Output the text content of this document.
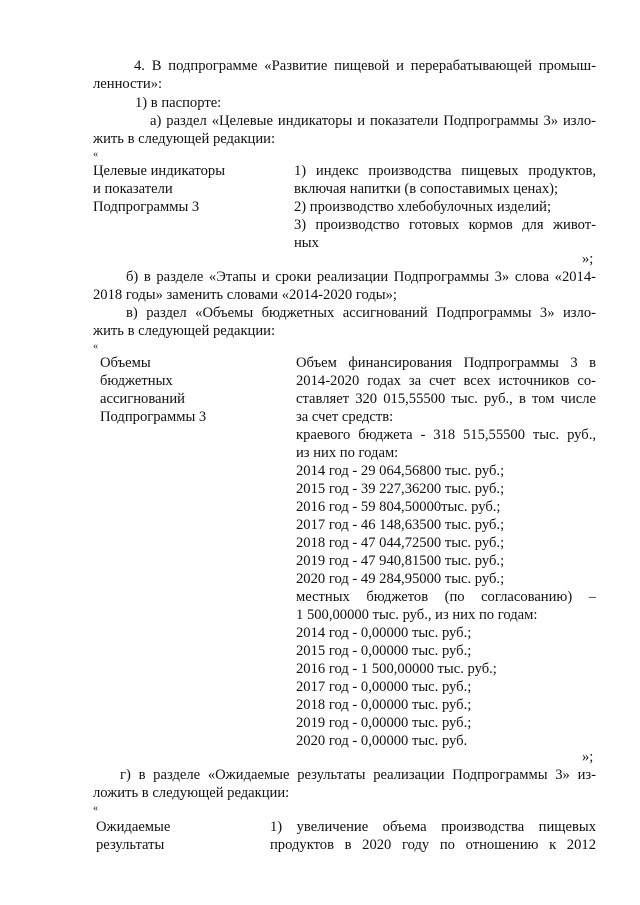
4. В подпрограмме «Развитие пищевой и перерабатывающей промыш-
ленности»:
1) в паспорте:
а) раздел «Целевые индикаторы и показатели Подпрограммы 3» изло-
жить в следующей редакции:
«
Целевые индикаторы
и показатели
Подпрограммы 3
1) индекс производства пищевых продуктов,
включая напитки (в сопоставимых ценах);
2) производство хлебобулочных изделий;
3) производство готовых кормов для живот-
ных
»;
б) в разделе «Этапы и сроки реализации Подпрограммы 3» слова «2014-
2018 годы» заменить словами «2014-2020 годы»;
в) раздел «Объемы бюджетных ассигнований Подпрограммы 3» изло-
жить в следующей редакции:
«
Объемы
бюджетных
ассигнований
Подпрограммы 3
Объем финансирования Подпрограммы 3 в
2014-2020 годах за счет всех источников со-
ставляет 320 015,55500 тыс. руб., в том числе
за счет средств:
краевого бюджета - 318 515,55500 тыс. руб.,
из них по годам:
2014 год - 29 064,56800 тыс. руб.;
2015 год - 39 227,36200 тыс. руб.;
2016 год - 59 804,50000тыс. руб.;
2017 год - 46 148,63500 тыс. руб.;
2018 год - 47 044,72500 тыс. руб.;
2019 год - 47 940,81500 тыс. руб.;
2020 год - 49 284,95000 тыс. руб.;
местных бюджетов (по согласованию) –
1 500,00000 тыс. руб., из них по годам:
2014 год - 0,00000 тыс. руб.;
2015 год - 0,00000 тыс. руб.;
2016 год - 1 500,00000 тыс. руб.;
2017 год - 0,00000 тыс. руб.;
2018 год - 0,00000 тыс. руб.;
2019 год - 0,00000 тыс. руб.;
2020 год - 0,00000 тыс. руб.
»;
г) в разделе «Ожидаемые результаты реализации Подпрограммы 3» из-
ложить в следующей редакции:
«
Ожидаемые
результаты
1) увеличение объема производства пищевых
продуктов в 2020 году по отношению к 2012
